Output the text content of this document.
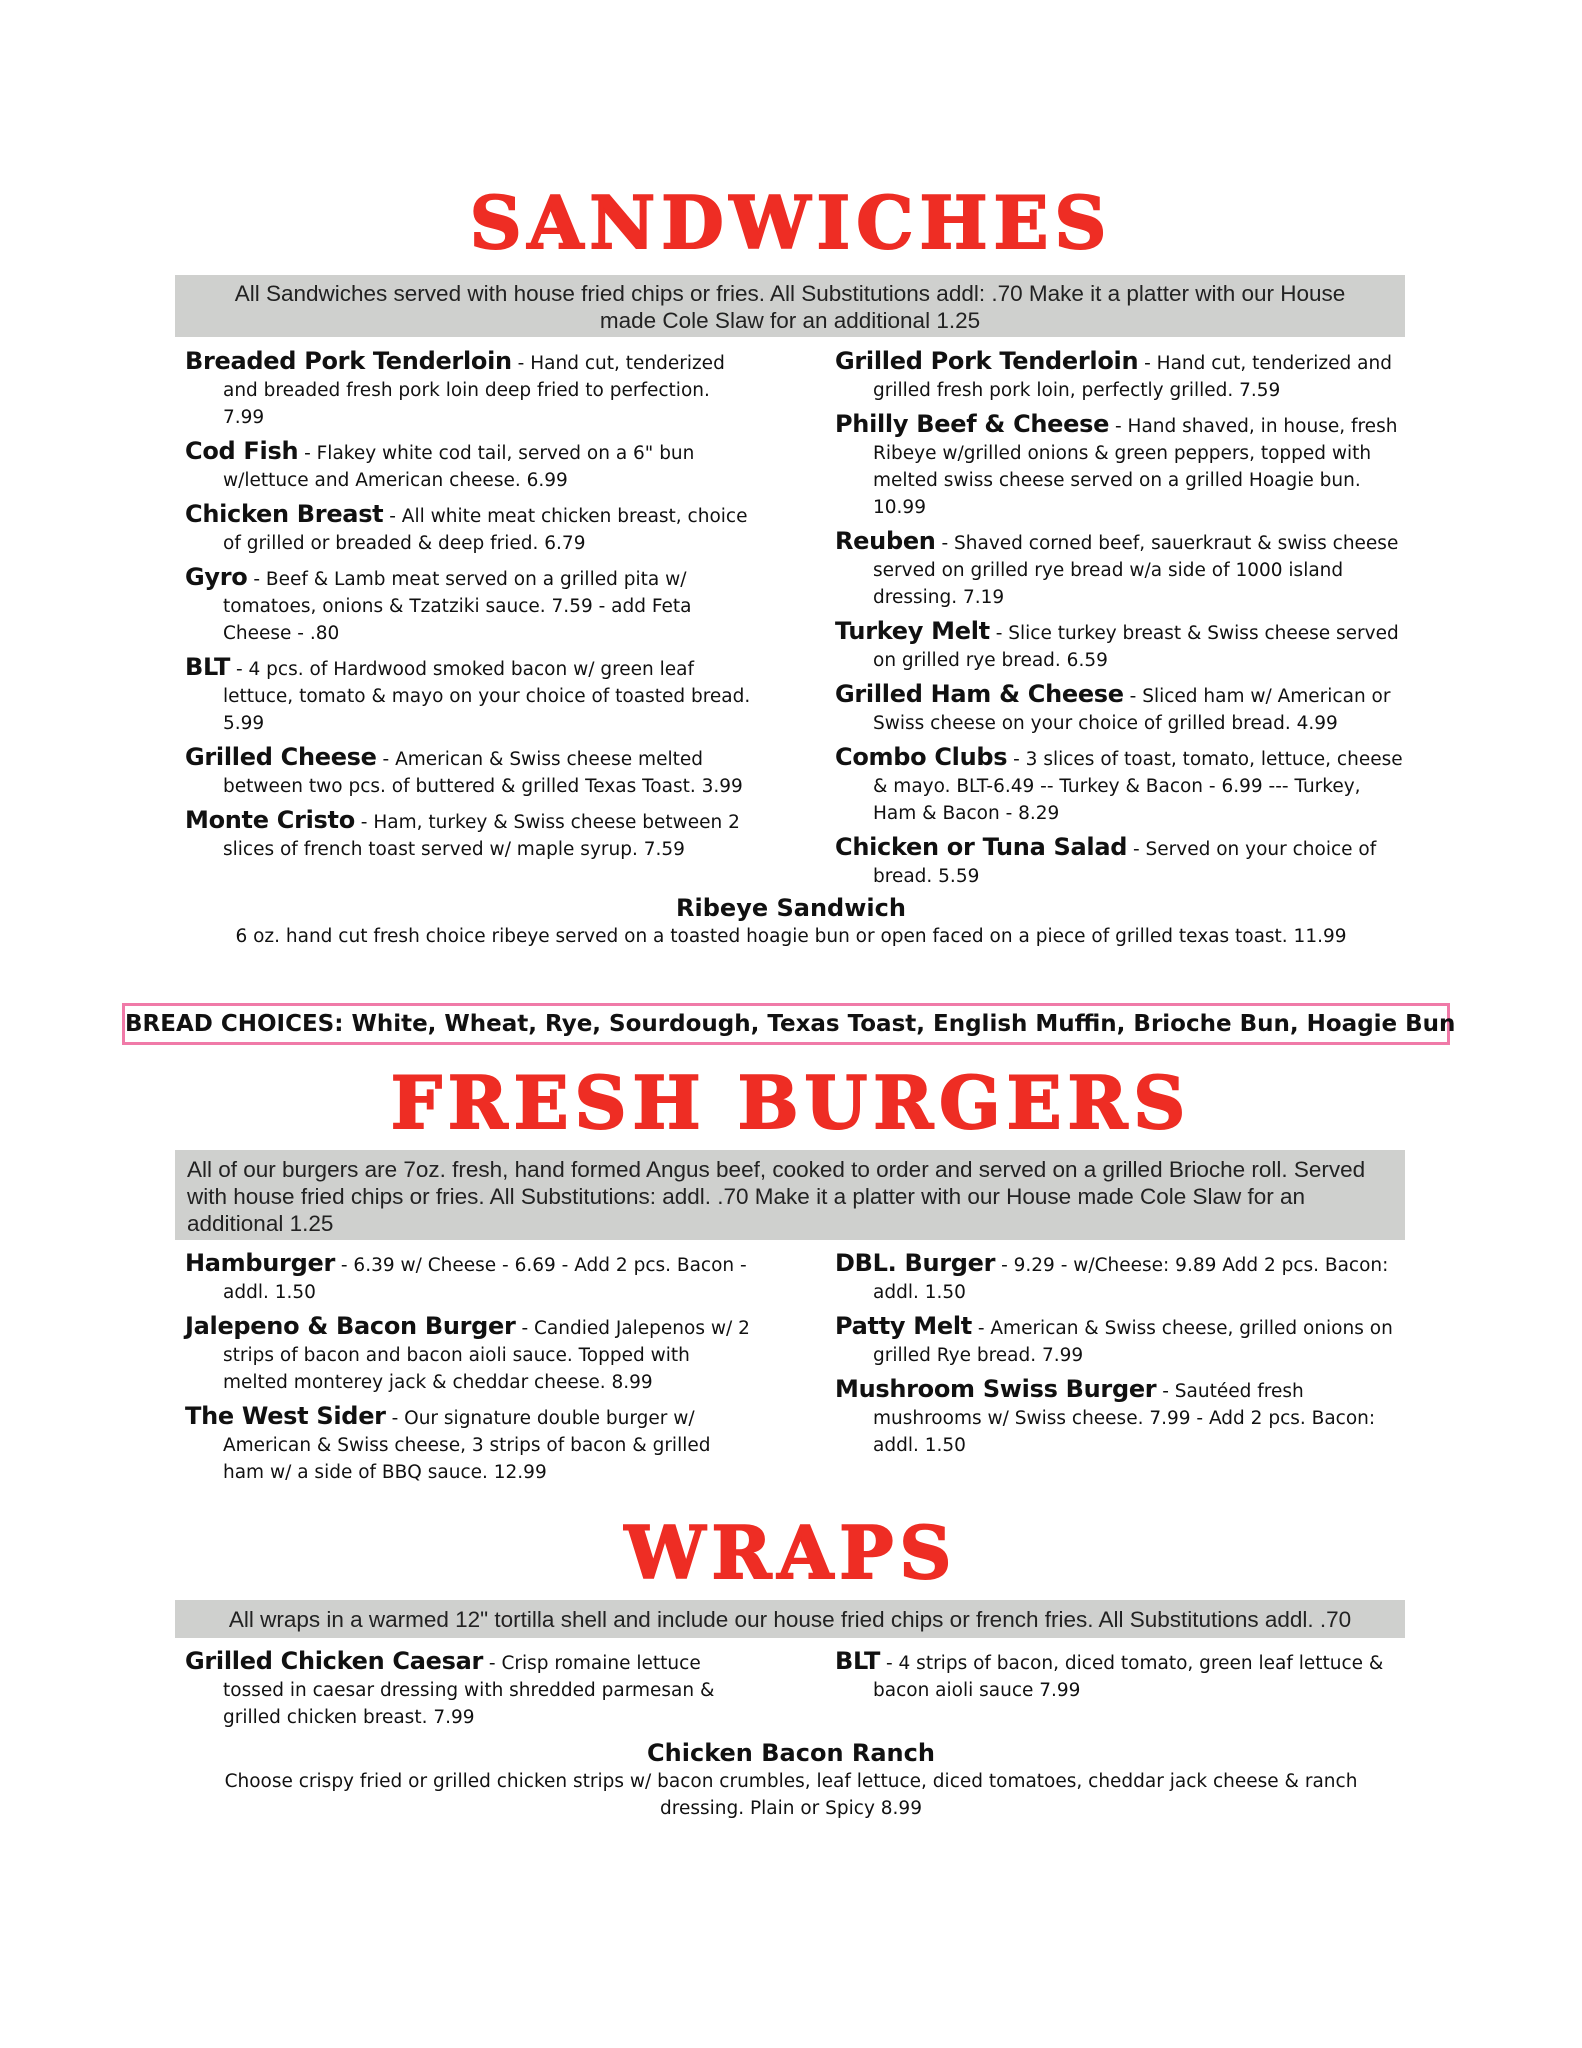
SANDWICHES
All Sandwiches served with house fried chips or fries. All Substitutions addl: .70 Make it a platter with our House made Cole Slaw for an additional 1.25
Breaded Pork Tenderloin - Hand cut, tenderized and breaded fresh pork loin deep fried to perfection. 7.99
Cod Fish - Flakey white cod tail, served on a 6" bun w/lettuce and American cheese. 6.99
Chicken Breast - All white meat chicken breast, choice of grilled or breaded & deep fried. 6.79
Gyro - Beef & Lamb meat served on a grilled pita w/ tomatoes, onions & Tzatziki sauce. 7.59 - add Feta Cheese - .80
BLT - 4 pcs. of Hardwood smoked bacon w/ green leaf lettuce, tomato & mayo on your choice of toasted bread. 5.99
Grilled Cheese - American & Swiss cheese melted between two pcs. of buttered & grilled Texas Toast. 3.99
Monte Cristo - Ham, turkey & Swiss cheese between 2 slices of french toast served w/ maple syrup. 7.59
Grilled Pork Tenderloin - Hand cut, tenderized and grilled fresh pork loin, perfectly grilled. 7.59
Philly Beef & Cheese - Hand shaved, in house, fresh Ribeye w/grilled onions & green peppers, topped with melted swiss cheese served on a grilled Hoagie bun. 10.99
Reuben - Shaved corned beef, sauerkraut & swiss cheese served on grilled rye bread w/a side of 1000 island dressing. 7.19
Turkey Melt - Slice turkey breast & Swiss cheese served on grilled rye bread. 6.59
Grilled Ham & Cheese - Sliced ham w/ American or Swiss cheese on your choice of grilled bread. 4.99
Combo Clubs - 3 slices of toast, tomato, lettuce, cheese & mayo. BLT-6.49 -- Turkey & Bacon - 6.99 --- Turkey, Ham & Bacon - 8.29
Chicken or Tuna Salad - Served on your choice of bread. 5.59
Ribeye Sandwich
6 oz. hand cut fresh choice ribeye served on a toasted hoagie bun or open faced on a piece of grilled texas toast. 11.99
BREAD CHOICES: White, Wheat, Rye, Sourdough, Texas Toast, English Muffin, Brioche Bun, Hoagie Bun
FRESH BURGERS
All of our burgers are 7oz. fresh, hand formed Angus beef, cooked to order and served on a grilled Brioche roll. Served with house fried chips or fries. All Substitutions: addl. .70 Make it a platter with our House made Cole Slaw for an additional 1.25
Hamburger - 6.39 w/ Cheese - 6.69 - Add 2 pcs. Bacon - addl. 1.50
Jalepeno & Bacon Burger - Candied Jalepenos w/ 2 strips of bacon and bacon aioli sauce. Topped with melted monterey jack & cheddar cheese. 8.99
The West Sider - Our signature double burger w/ American & Swiss cheese, 3 strips of bacon & grilled ham w/ a side of BBQ sauce. 12.99
DBL. Burger - 9.29 - w/Cheese: 9.89 Add 2 pcs. Bacon: addl. 1.50
Patty Melt - American & Swiss cheese, grilled onions on grilled Rye bread. 7.99
Mushroom Swiss Burger - Sautéed fresh mushrooms w/ Swiss cheese. 7.99 - Add 2 pcs. Bacon: addl. 1.50
WRAPS
All wraps in a warmed 12" tortilla shell and include our house fried chips or french fries. All Substitutions addl. .70
Grilled Chicken Caesar - Crisp romaine lettuce tossed in caesar dressing with shredded parmesan & grilled chicken breast. 7.99
BLT - 4 strips of bacon, diced tomato, green leaf lettuce & bacon aioli sauce 7.99
Chicken Bacon Ranch
Choose crispy fried or grilled chicken strips w/ bacon crumbles, leaf lettuce, diced tomatoes, cheddar jack cheese & ranch dressing. Plain or Spicy 8.99
